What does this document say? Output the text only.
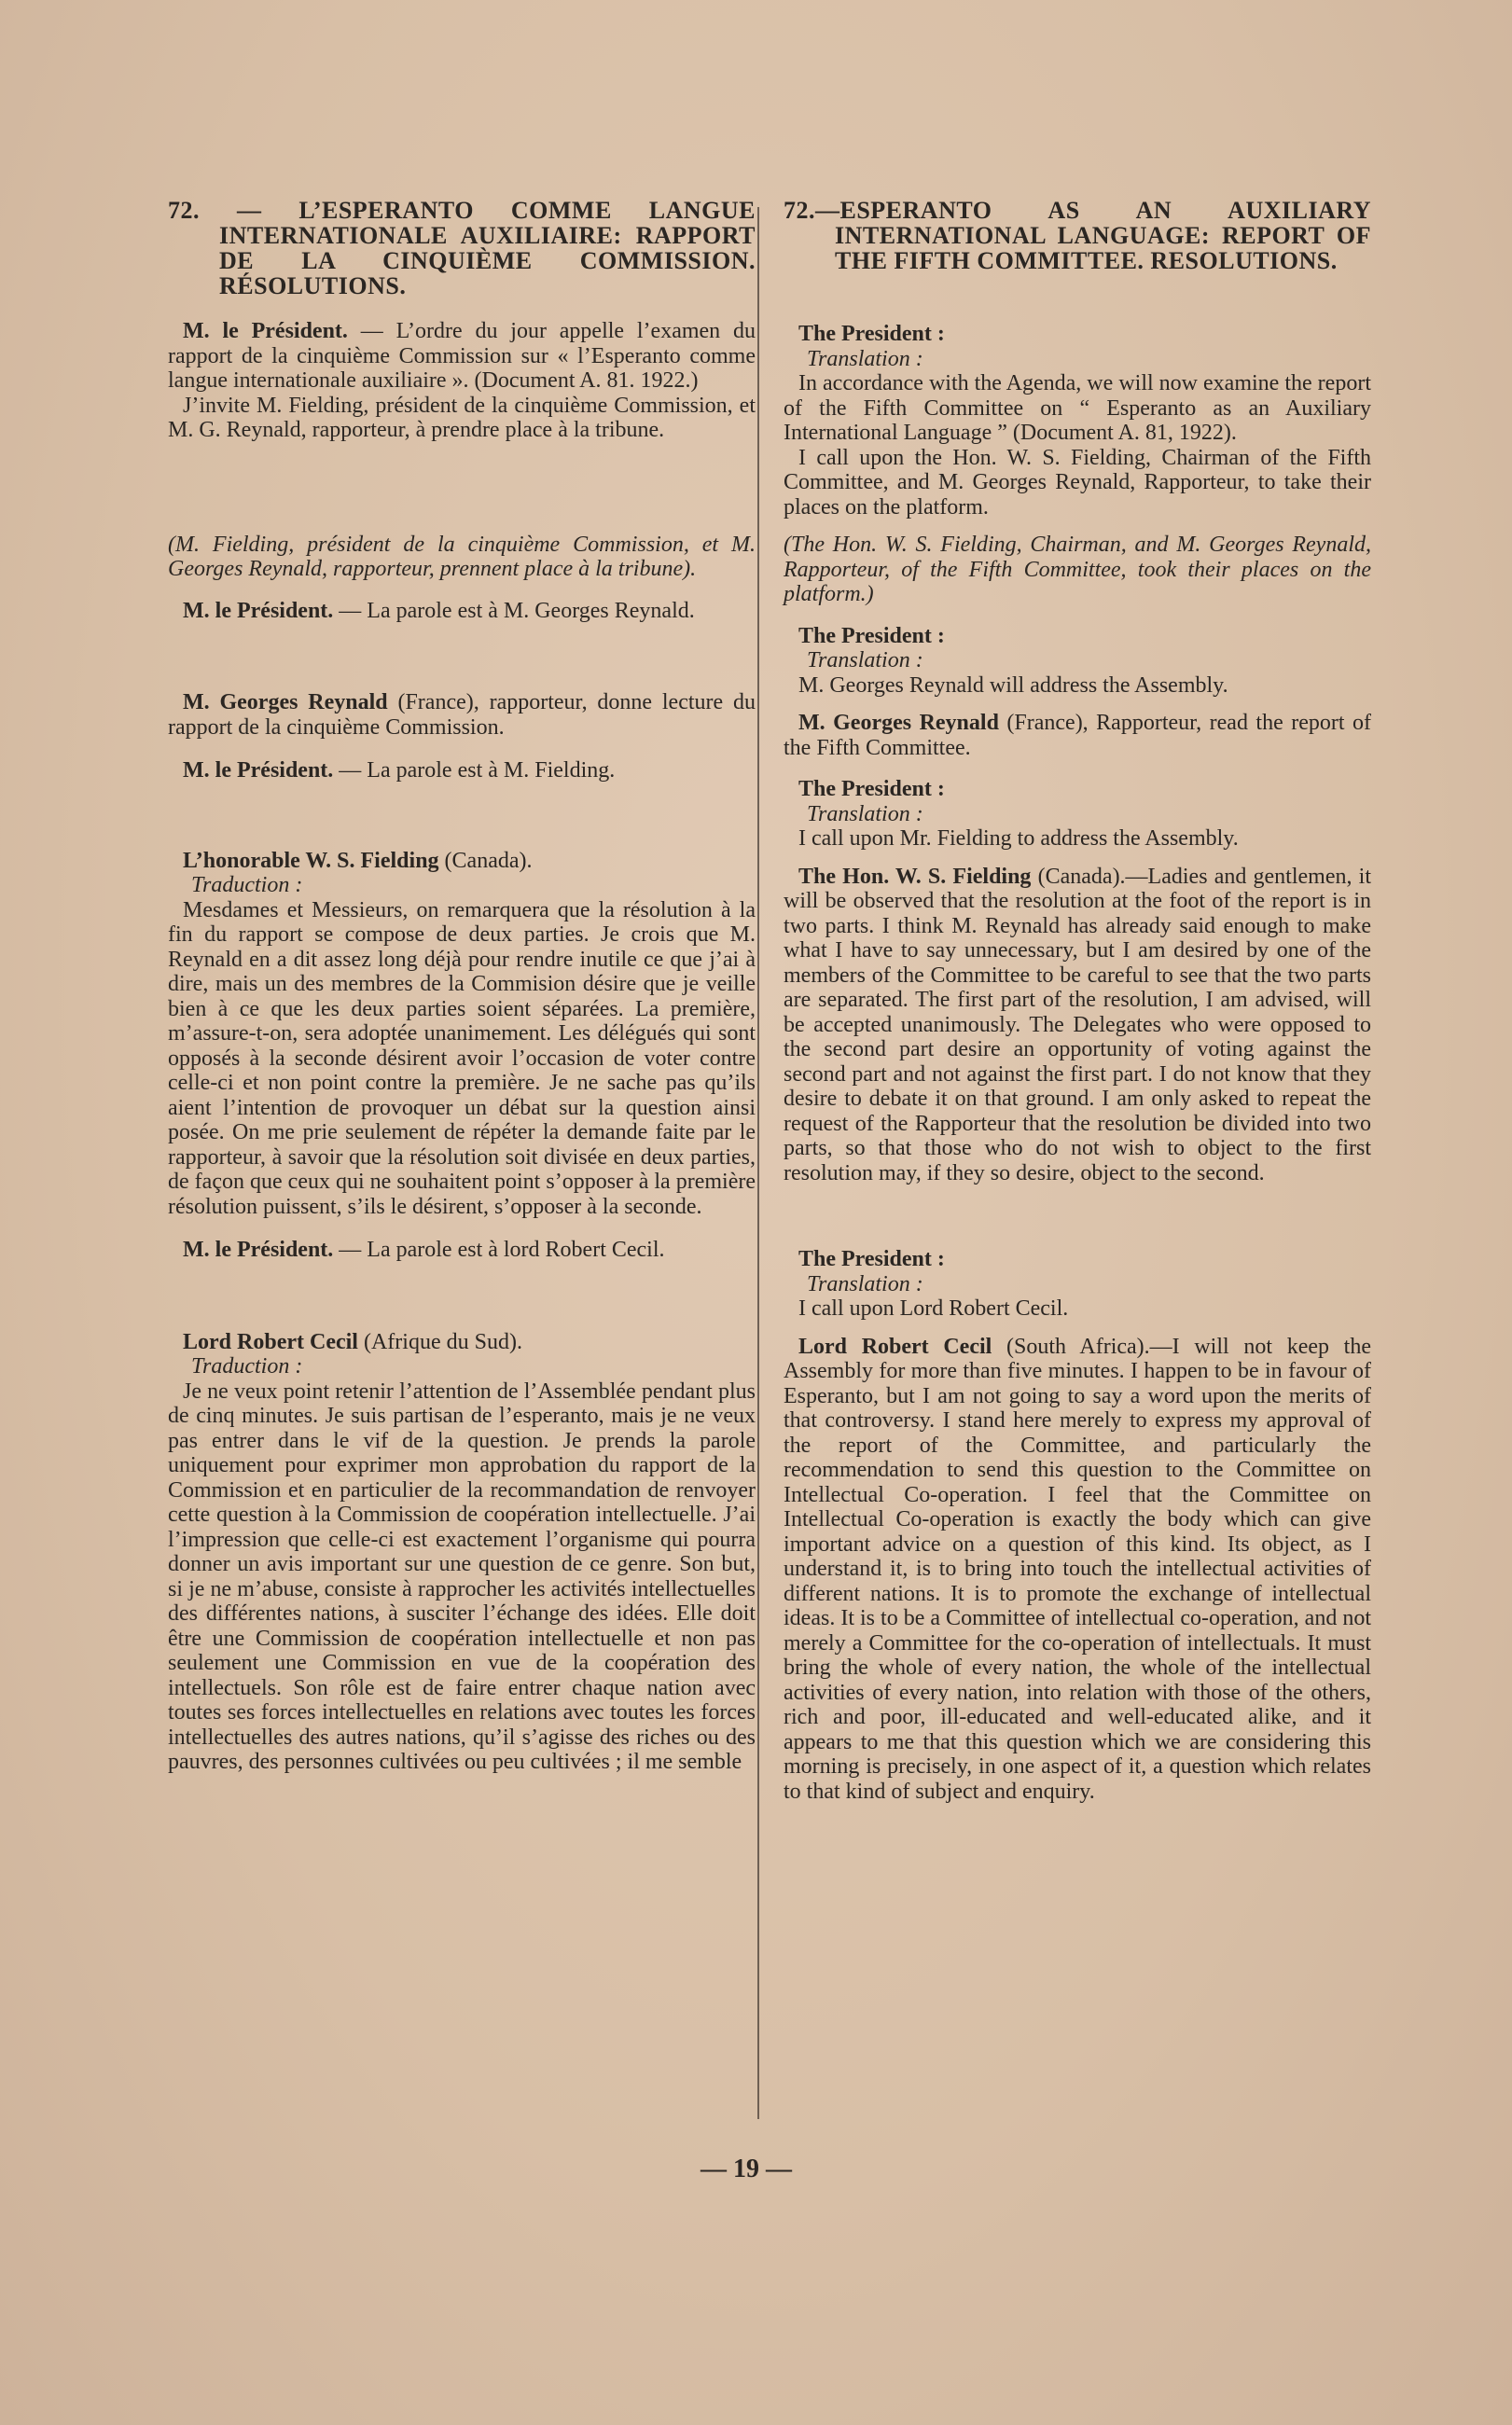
72. — L’ESPERANTO COMME LANGUE INTERNATIONALE AUXILIAIRE: RAPPORT DE LA CINQUIÈME COMMISSION. RÉSOLUTIONS.

M. le Président. — L’ordre du jour appelle l’examen du rapport de la cinquième Commission sur « l’Esperanto comme langue internationale auxiliaire ». (Document A. 81. 1922.)

J’invite M. Fielding, président de la cinquième Commission, et M. G. Reynald, rapporteur, à prendre place à la tribune.

(M. Fielding, président de la cinquième Commission, et M. Georges Reynald, rapporteur, prennent place à la tribune).

M. le Président. — La parole est à M. Georges Reynald.

M. Georges Reynald (France), rapporteur, donne lecture du rapport de la cinquième Commission.

M. le Président. — La parole est à M. Fielding.

L’honorable W. S. Fielding (Canada).

Traduction :

Mesdames et Messieurs, on remarquera que la résolution à la fin du rapport se compose de deux parties. Je crois que M. Reynald en a dit assez long déjà pour rendre inutile ce que j’ai à dire, mais un des membres de la Commision désire que je veille bien à ce que les deux parties soient séparées. La première, m’assure-t-on, sera adoptée unanimement. Les délégués qui sont opposés à la seconde désirent avoir l’occasion de voter contre celle-ci et non point contre la première. Je ne sache pas qu’ils aient l’intention de provoquer un débat sur la question ainsi posée. On me prie seulement de répéter la demande faite par le rapporteur, à savoir que la résolution soit divisée en deux parties, de façon que ceux qui ne souhaitent point s’opposer à la première résolution puissent, s’ils le désirent, s’opposer à la seconde.

M. le Président. — La parole est à lord Robert Cecil.

Lord Robert Cecil (Afrique du Sud).

Traduction :

Je ne veux point retenir l’attention de l’Assemblée pendant plus de cinq minutes. Je suis partisan de l’esperanto, mais je ne veux pas entrer dans le vif de la question. Je prends la parole uniquement pour exprimer mon approbation du rapport de la Commission et en particulier de la recommandation de renvoyer cette question à la Commission de coopération intellectuelle. J’ai l’impression que celle-ci est exactement l’organisme qui pourra donner un avis important sur une question de ce genre. Son but, si je ne m’abuse, consiste à rapprocher les activités intellectuelles des différentes nations, à susciter l’échange des idées. Elle doit être une Commission de coopération intellectuelle et non pas seulement une Commission en vue de la coopération des intellectuels. Son rôle est de faire entrer chaque nation avec toutes ses forces intellectuelles en relations avec toutes les forces intellectuelles des autres nations, qu’il s’agisse des riches ou des pauvres, des personnes cultivées ou peu cultivées ; il me semble

72.—ESPERANTO AS AN AUXILIARY INTERNATIONAL LANGUAGE: REPORT OF THE FIFTH COMMITTEE. RESOLUTIONS.

The President :

Translation :

In accordance with the Agenda, we will now examine the report of the Fifth Committee on “ Esperanto as an Auxiliary International Language ” (Document A. 81, 1922).

I call upon the Hon. W. S. Fielding, Chairman of the Fifth Committee, and M. Georges Reynald, Rapporteur, to take their places on the platform.

(The Hon. W. S. Fielding, Chairman, and M. Georges Reynald, Rapporteur, of the Fifth Committee, took their places on the platform.)

The President :

Translation :

M. Georges Reynald will address the Assembly.

M. Georges Reynald (France), Rapporteur, read the report of the Fifth Committee.

The President :

Translation :

I call upon Mr. Fielding to address the Assembly.

The Hon. W. S. Fielding (Canada).—Ladies and gentlemen, it will be observed that the resolution at the foot of the report is in two parts. I think M. Reynald has already said enough to make what I have to say unnecessary, but I am desired by one of the members of the Committee to be careful to see that the two parts are separated. The first part of the resolution, I am advised, will be accepted unanimously. The Delegates who were opposed to the second part desire an opportunity of voting against the second part and not against the first part. I do not know that they desire to debate it on that ground. I am only asked to repeat the request of the Rapporteur that the resolution be divided into two parts, so that those who do not wish to object to the first resolution may, if they so desire, object to the second.

The President :

Translation :

I call upon Lord Robert Cecil.

Lord Robert Cecil (South Africa).—I will not keep the Assembly for more than five minutes. I happen to be in favour of Esperanto, but I am not going to say a word upon the merits of that controversy. I stand here merely to express my approval of the report of the Committee, and particularly the recommendation to send this question to the Committee on Intellectual Co-operation. I feel that the Committee on Intellectual Co-operation is exactly the body which can give important advice on a question of this kind. Its object, as I understand it, is to bring into touch the intellectual activities of different nations. It is to promote the exchange of intellectual ideas. It is to be a Committee of intellectual co-operation, and not merely a Committee for the co-operation of intellectuals. It must bring the whole of every nation, the whole of the intellectual activities of every nation, into relation with those of the others, rich and poor, ill-educated and well-educated alike, and it appears to me that this question which we are considering this morning is precisely, in one aspect of it, a question which relates to that kind of subject and enquiry.

— 19 —
